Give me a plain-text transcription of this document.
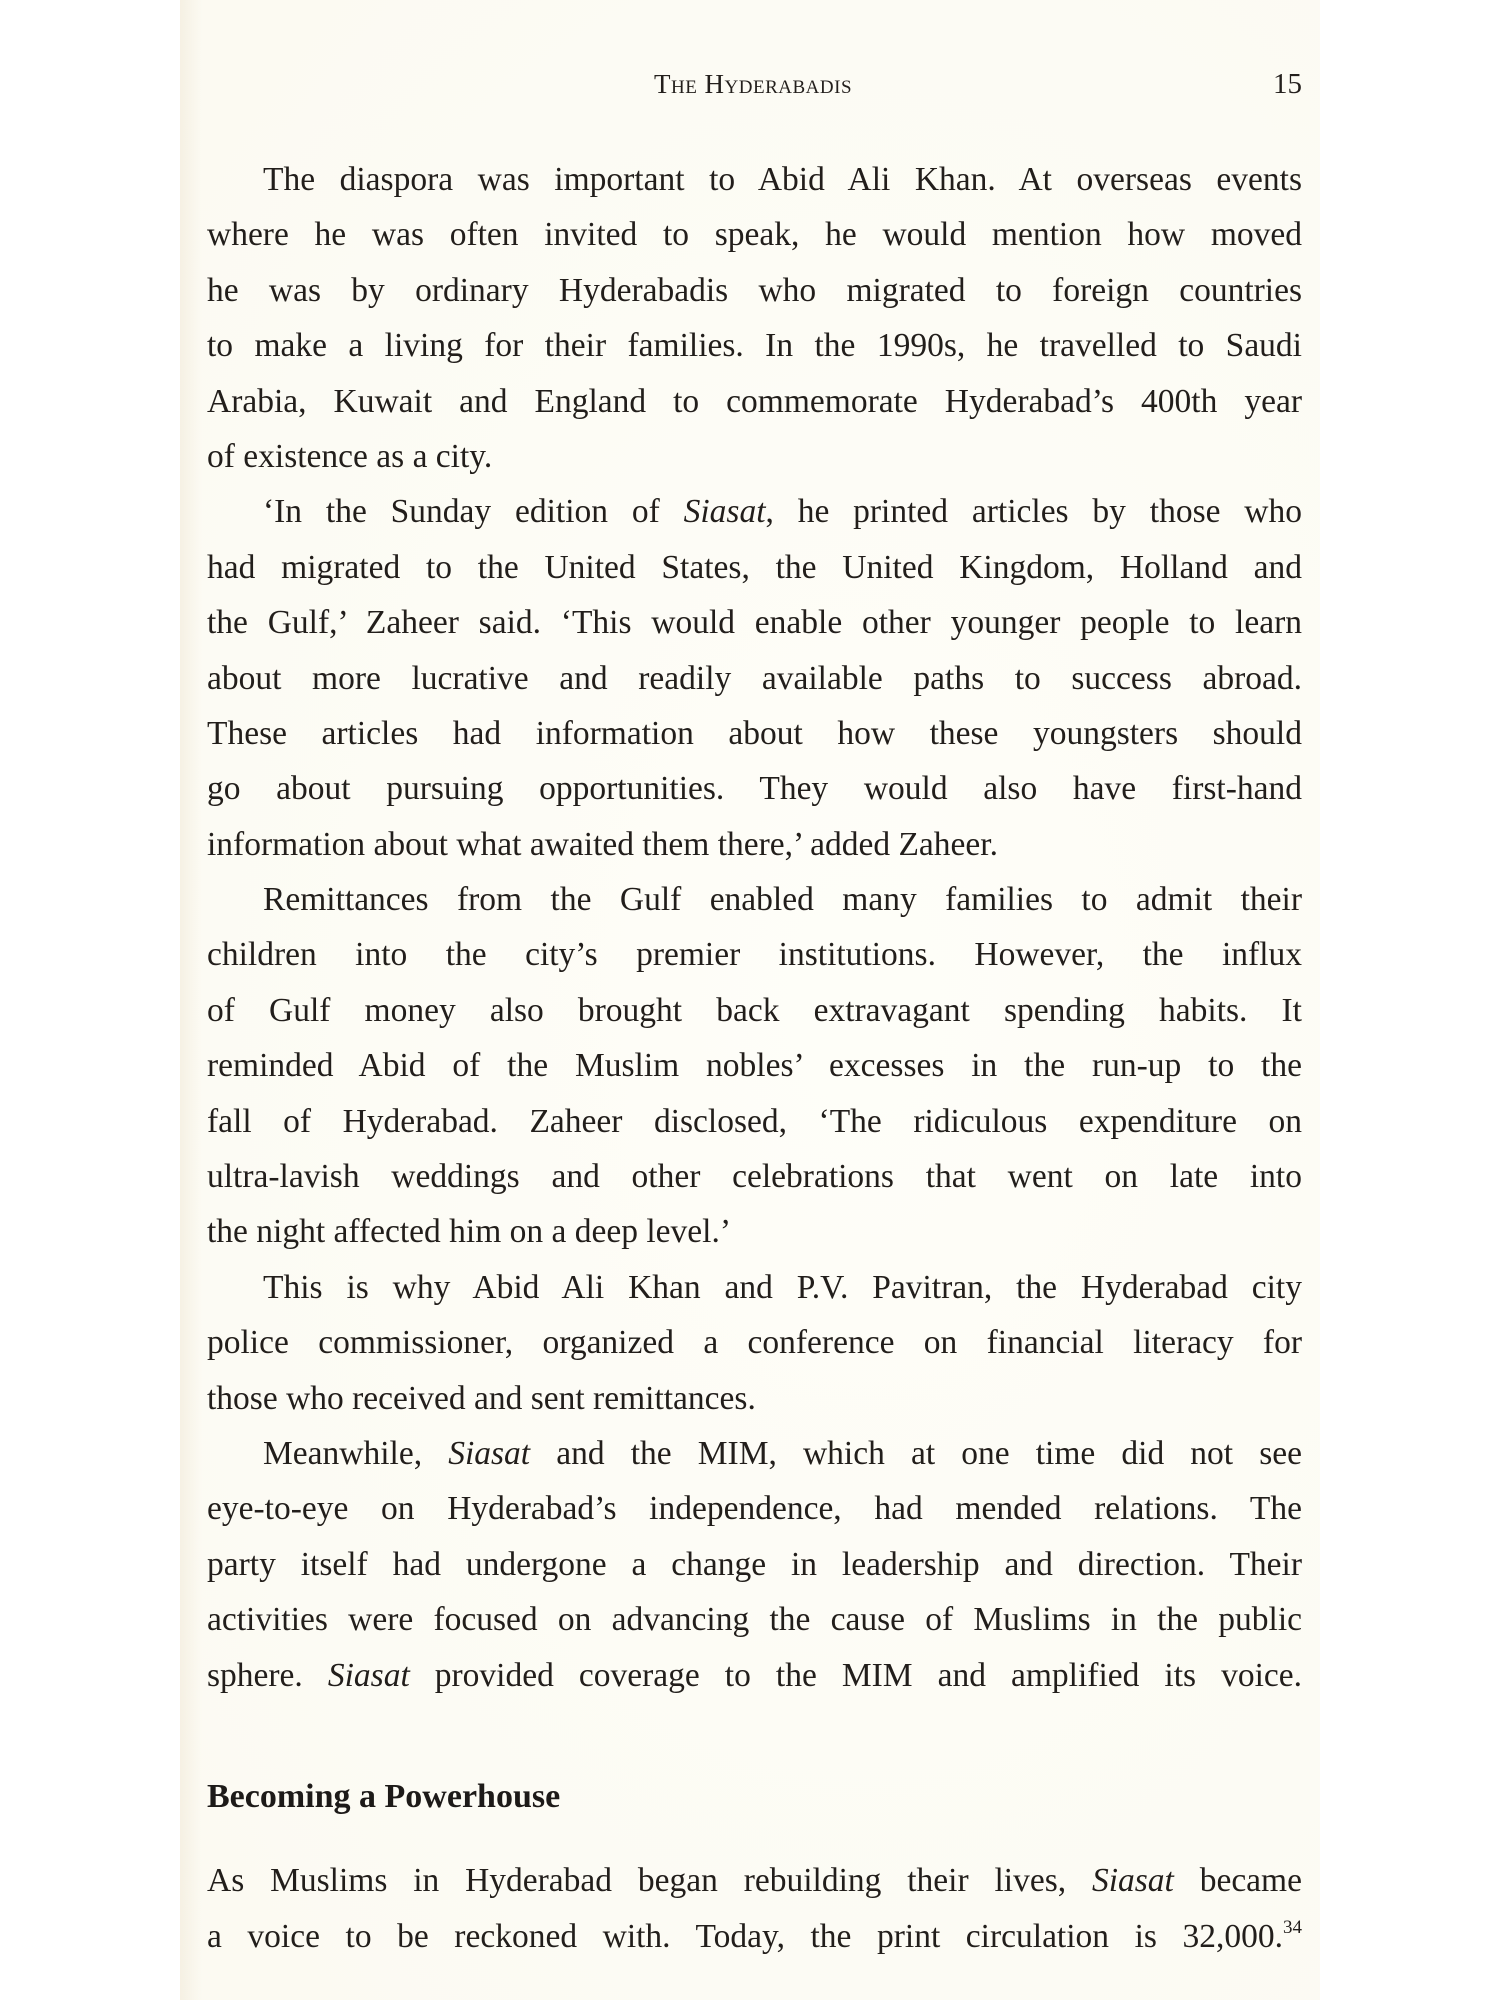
The Hyderabadis	15
The diaspora was important to Abid Ali Khan. At overseas events
where he was often invited to speak, he would mention how moved
he was by ordinary Hyderabadis who migrated to foreign countries
to make a living for their families. In the 1990s, he travelled to Saudi
Arabia, Kuwait and England to commemorate Hyderabad’s 400th year
of existence as a city.
‘In the Sunday edition of Siasat, he printed articles by those who
had migrated to the United States, the United Kingdom, Holland and
the Gulf,’ Zaheer said. ‘This would enable other younger people to learn
about more lucrative and readily available paths to success abroad.
These articles had information about how these youngsters should
go about pursuing opportunities. They would also have first-hand
information about what awaited them there,’ added Zaheer.
Remittances from the Gulf enabled many families to admit their
children into the city’s premier institutions. However, the influx
of Gulf money also brought back extravagant spending habits. It
reminded Abid of the Muslim nobles’ excesses in the run-up to the
fall of Hyderabad. Zaheer disclosed, ‘The ridiculous expenditure on
ultra-lavish weddings and other celebrations that went on late into
the night affected him on a deep level.’
This is why Abid Ali Khan and P.V. Pavitran, the Hyderabad city
police commissioner, organized a conference on financial literacy for
those who received and sent remittances.
Meanwhile, Siasat and the MIM, which at one time did not see
eye-to-eye on Hyderabad’s independence, had mended relations. The
party itself had undergone a change in leadership and direction. Their
activities were focused on advancing the cause of Muslims in the public
sphere. Siasat provided coverage to the MIM and amplified its voice.
Becoming a Powerhouse
As Muslims in Hyderabad began rebuilding their lives, Siasat became
a voice to be reckoned with. Today, the print circulation is 32,000.34
